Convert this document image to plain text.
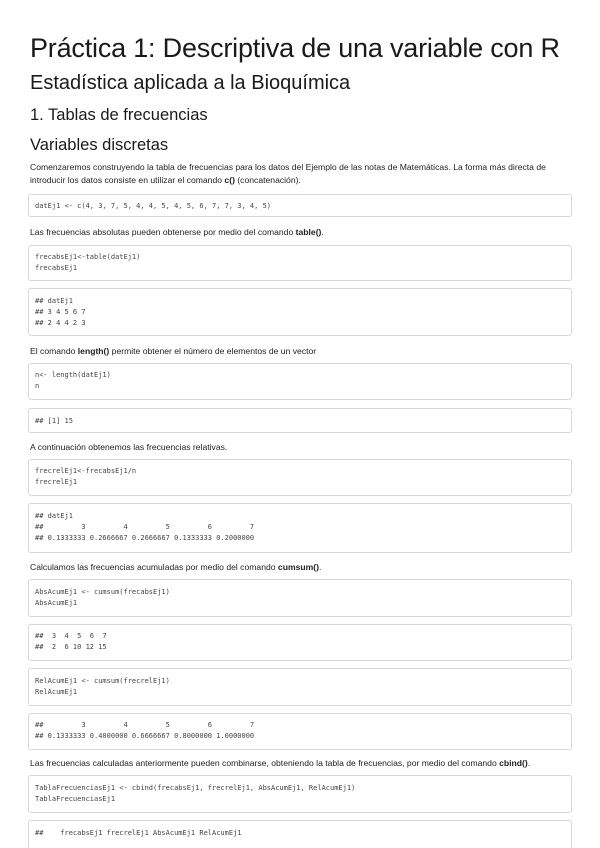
Práctica 1: Descriptiva de una variable con R
Estadística aplicada a la Bioquímica
1. Tablas de frecuencias
Variables discretas

Comenzaremos construyendo la tabla de frecuencias para los datos del Ejemplo de las notas de Matemáticas. La forma más directa de introducir los datos consiste en utilizar el comando c() (concatenación).

datEj1 <- c(4, 3, 7, 5, 4, 4, 5, 4, 5, 6, 7, 7, 3, 4, 5)

Las frecuencias absolutas pueden obtenerse por medio del comando table().

frecabsEj1<-table(datEj1)
frecabsEj1
## datEj1
## 3 4 5 6 7
## 2 4 4 2 3

El comando length() permite obtener el número de elementos de un vector

n<- length(datEj1)
n
## [1] 15

A continuación obtenemos las frecuencias relativas.

frecrelEj1<-frecabsEj1/n
frecrelEj1
## datEj1
##         3         4         5         6         7
## 0.1333333 0.2666667 0.2666667 0.1333333 0.2000000

Calculamos las frecuencias acumuladas por medio del comando cumsum().

AbsAcumEj1 <- cumsum(frecabsEj1)
AbsAcumEj1
##  3  4  5  6  7
##  2  6 10 12 15
RelAcumEj1 <- cumsum(frecrelEj1)
RelAcumEj1
##         3         4         5         6         7
## 0.1333333 0.4000000 0.6666667 0.8000000 1.0000000

Las frecuencias calculadas anteriormente pueden combinarse, obteniendo la tabla de frecuencias, por medio del comando cbind().

TablaFrecuenciasEj1 <- cbind(frecabsEj1, frecrelEj1, AbsAcumEj1, RelAcumEj1)
TablaFrecuenciasEj1
##    frecabsEj1 frecrelEj1 AbsAcumEj1 RelAcumEj1
